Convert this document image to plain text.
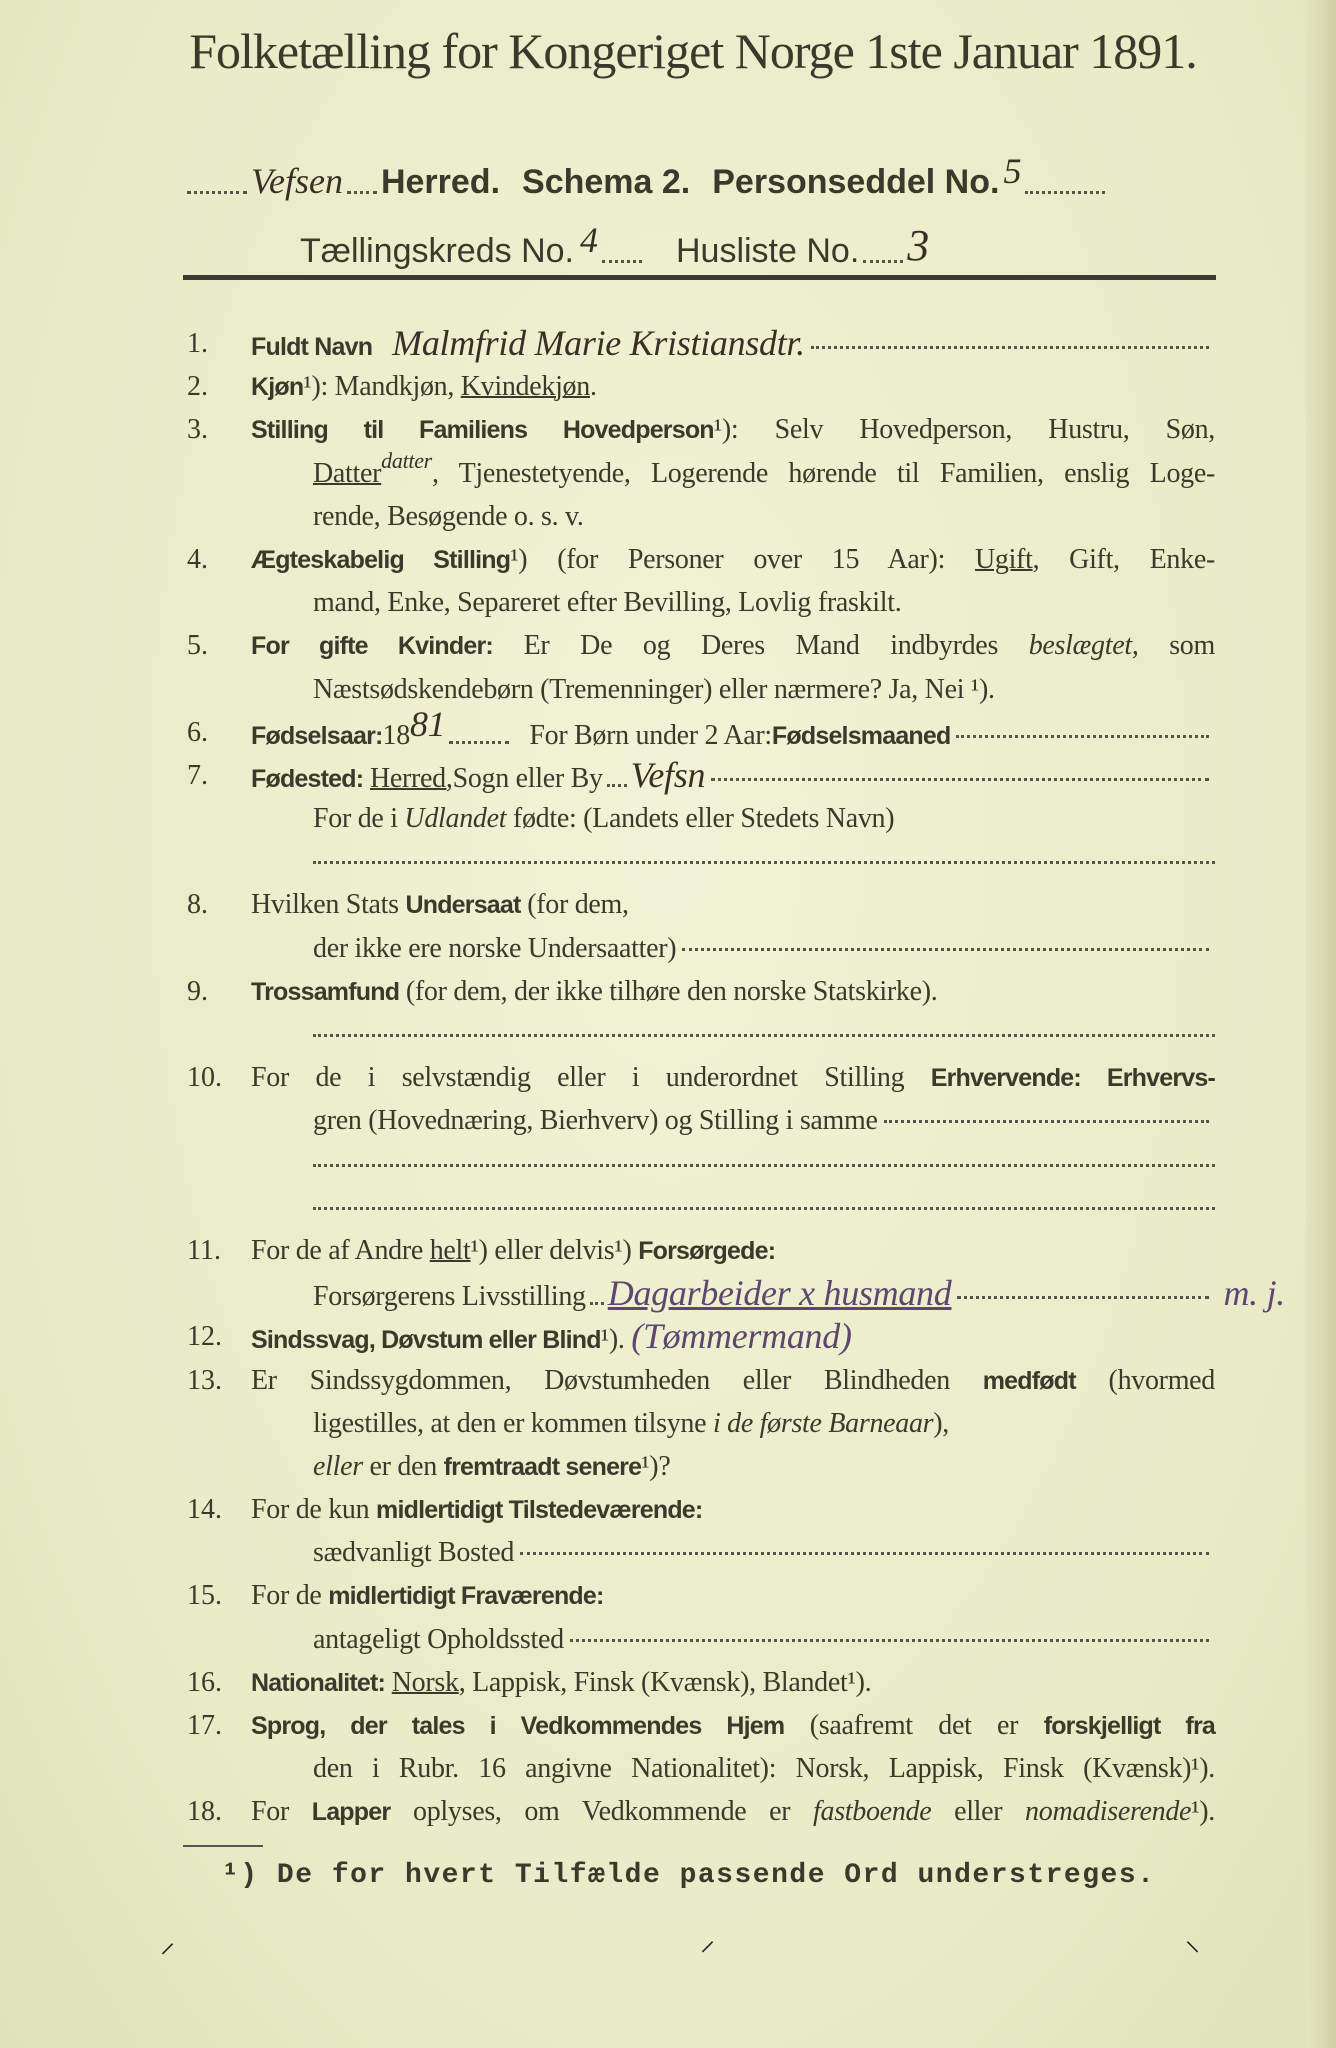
Folketælling for Kongeriget Norge 1ste Januar 1891.
Vefsen Herred. Schema 2. Personseddel No. 5
Tællingskreds No. 4 Husliste No. 3
1. Fuldt Navn Malmfrid Marie Kristiansdtr.
2. Kjøn¹): Mandkjøn, Kvindekjøn.
3. Stilling til Familiens Hovedperson¹): Selv Hovedperson, Hustru, Søn,
Datter$^{datter}$, Tjenestetyende, Logerende hørende til Familien, enslig Loge-
rende, Besøgende o. s. v.
4. Ægteskabelig Stilling¹) (for Personer over 15 Aar): Ugift, Gift, Enke-
mand, Enke, Separeret efter Bevilling, Lovlig fraskilt.
5. For gifte Kvinder: Er De og Deres Mand indbyrdes beslægtet, som
Næstsødskendebørn (Tremenninger) eller nærmere? Ja, Nei ¹).
6. Fødselsaar: 18 81	For Børn under 2 Aar: Fødselsmaaned
7. Fødested:
Herred, Sogn eller By Vefsn
For de i Udlandet fødte: (Landets eller Stedets Navn)
8. Hvilken Stats Undersaat (for dem,
der ikke ere norske Undersaatter)
9. Trossamfund (for dem, der ikke tilhøre den norske Statskirke).
10. For de i selvstændig eller i underordnet Stilling Erhvervende: Erhvervs-
gren (Hovednæring, Bierhverv) og Stilling i samme
11. For de af Andre helt¹) eller delvis¹) Forsørgede:
Forsørgerens Livsstilling Dagarbeider x husmand	m. j.
12. Sindssvag, Døvstum eller Blind¹). (Tømmermand)
13. Er Sindssygdommen, Døvstumheden eller Blindheden medfødt (hvormed
ligestilles, at den er kommen tilsyne i de første Barneaar),
eller er den fremtraadt senere¹)?
14. For de kun midlertidigt Tilstedeværende:
sædvanligt Bosted
15. For de midlertidigt Fraværende:
antageligt Opholdssted
16. Nationalitet: Norsk, Lappisk, Finsk (Kvænsk), Blandet¹).
17. Sprog, der tales i Vedkommendes Hjem (saafremt det er forskjelligt fra
den i Rubr. 16 angivne Nationalitet): Norsk, Lappisk, Finsk (Kvænsk)¹).
18. For Lapper oplyses, om Vedkommende er fastboende eller nomadiserende¹).
¹) De for hvert Tilfælde passende Ord understreges.
⸝	⸝	⸜
